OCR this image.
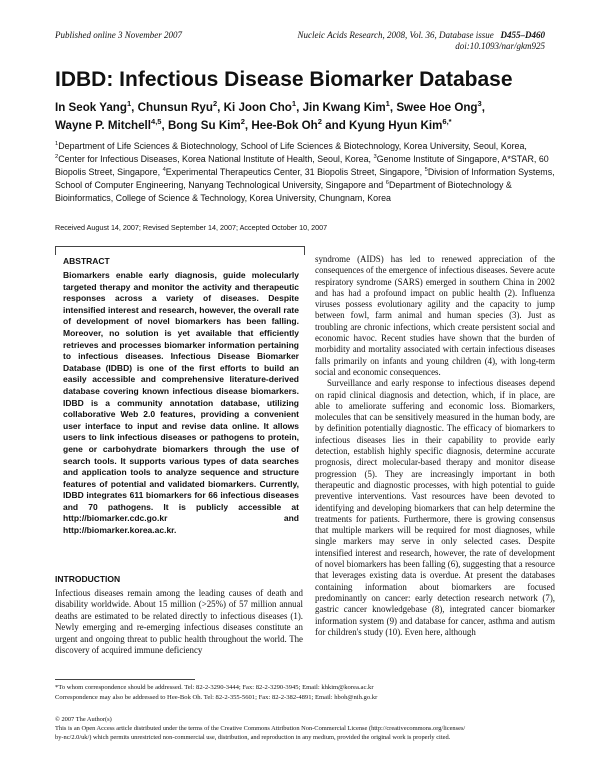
Published online 3 November 2007	Nucleic Acids Research, 2008, Vol. 36, Database issue D455–D460
doi:10.1093/nar/gkm925
IDBD: Infectious Disease Biomarker Database
In Seok Yang$^1$, Chunsun Ryu$^2$, Ki Joon Cho$^1$, Jin Kwang Kim$^1$, Swee Hoe Ong$^3$,
Wayne P. Mitchell$^{4,5}$, Bong Su Kim$^2$, Hee-Bok Oh$^2$ and Kyung Hyun Kim$^{6,*}$
$^1$Department of Life Sciences & Biotechnology, School of Life Sciences & Biotechnology, Korea University, Seoul, Korea, $^2$Center for Infectious Diseases, Korea National Institute of Health, Seoul, Korea, $^3$Genome Institute of Singapore, A*STAR, 60 Biopolis Street, Singapore, $^4$Experimental Therapeutics Center, 31 Biopolis Street, Singapore, $^5$Division of Information Systems, School of Computer Engineering, Nanyang Technological University, Singapore and $^6$Department of Biotechnology & Bioinformatics, College of Science & Technology, Korea University, Chungnam, Korea
Received August 14, 2007; Revised September 14, 2007; Accepted October 10, 2007
ABSTRACT
Biomarkers enable early diagnosis, guide molecularly targeted therapy and monitor the activity and therapeutic responses across a variety of diseases. Despite intensified interest and research, however, the overall rate of development of novel biomarkers has been falling. Moreover, no solution is yet available that efficiently retrieves and processes biomarker information pertaining to infectious diseases. Infectious Disease Biomarker Database (IDBD) is one of the first efforts to build an easily accessible and comprehensive literature-derived database covering known infectious disease biomarkers. IDBD is a community annotation database, utilizing collaborative Web 2.0 features, providing a convenient user interface to input and revise data online. It allows users to link infectious diseases or pathogens to protein, gene or carbohydrate biomarkers through the use of search tools. It supports various types of data searches and application tools to analyze sequence and structure features of potential and validated biomarkers. Currently, IDBD integrates 611 biomarkers for 66 infectious diseases and 70 pathogens. It is publicly accessible at http://biomarker.cdc.go.kr and http://biomarker.korea.ac.kr.
INTRODUCTION
Infectious diseases remain among the leading causes of death and disability worldwide. About 15 million (>25%) of 57 million annual deaths are estimated to be related directly to infectious diseases (1). Newly emerging and re-emerging infectious diseases constitute an urgent and ongoing threat to public health throughout the world. The discovery of acquired immune deficiency

syndrome (AIDS) has led to renewed appreciation of the consequences of the emergence of infectious diseases. Severe acute respiratory syndrome (SARS) emerged in southern China in 2002 and has had a profound impact on public health (2). Influenza viruses possess evolutionary agility and the capacity to jump between fowl, farm animal and human species (3). Just as troubling are chronic infections, which create persistent social and economic havoc. Recent studies have shown that the burden of morbidity and mortality associated with certain infectious diseases falls primarily on infants and young children (4), with long-term social and economic consequences.

Surveillance and early response to infectious diseases depend on rapid clinical diagnosis and detection, which, if in place, are able to ameliorate suffering and economic loss. Biomarkers, molecules that can be sensitively measured in the human body, are by definition potentially diagnostic. The efficacy of biomarkers to infectious diseases lies in their capability to provide early detection, establish highly specific diagnosis, determine accurate prognosis, direct molecular-based therapy and monitor disease progression (5). They are increasingly important in both therapeutic and diagnostic processes, with high potential to guide preventive interventions. Vast resources have been devoted to identifying and developing biomarkers that can help determine the treatments for patients. Furthermore, there is growing consensus that multiple markers will be required for most diagnoses, while single markers may serve in only selected cases. Despite intensified interest and research, however, the rate of development of novel biomarkers has been falling (6), suggesting that a resource that leverages existing data is overdue. At present the databases containing information about biomarkers are focused predominantly on cancer: early detection research network (7), gastric cancer knowledgebase (8), integrated cancer biomarker information system (9) and database for cancer, asthma and autism for children's study (10). Even here, although

*To whom correspondence should be addressed. Tel: 82-2-3290-3444; Fax: 82-2-3290-3945; Email: khkim@korea.ac.kr
Correspondence may also be addressed to Hee-Bok Oh. Tel: 82-2-355-5601; Fax: 82-2-382-4891; Email: hboh@nih.go.kr
© 2007 The Author(s)
This is an Open Access article distributed under the terms of the Creative Commons Attribution Non-Commercial License (http://creativecommons.org/licenses/
by-nc/2.0/uk/) which permits unrestricted non-commercial use, distribution, and reproduction in any medium, provided the original work is properly cited.
